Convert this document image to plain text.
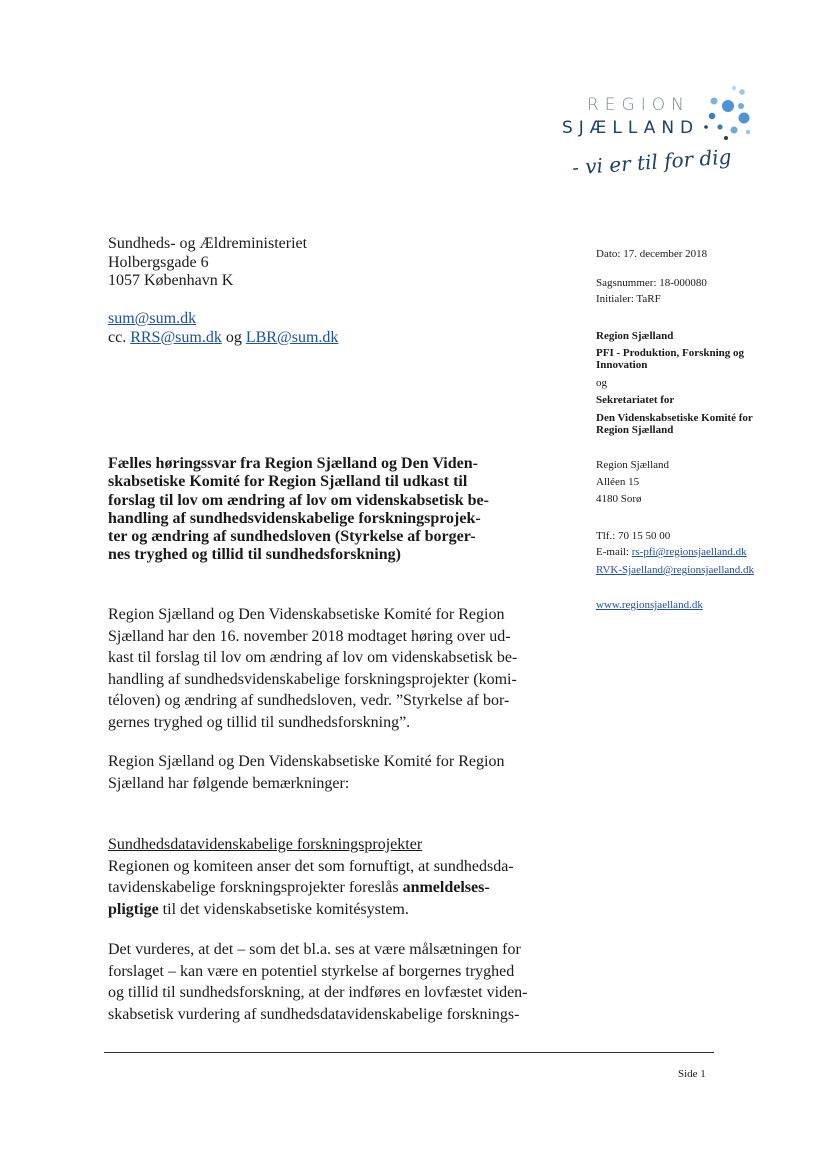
REGION
SJÆLLAND
- vi er til for dig
Sundheds- og Ældreministeriet
Holbergsgade 6
1057 København K
sum@sum.dk
cc. RRS@sum.dk og LBR@sum.dk
Dato: 17. december 2018
Sagsnummer: 18-000080
Initialer: TaRF
Region Sjælland
PFI - Produktion, Forskning og
Innovation
og
Sekretariatet for
Den Videnskabsetiske Komité for
Region Sjælland
Region Sjælland
Alléen 15
4180 Sorø
Tlf.: 70 15 50 00
E-mail: rs-pfi@regionsjaelland.dk
RVK-Sjaelland@regionsjaelland.dk
www.regionsjaelland.dk
Fælles høringssvar fra Region Sjælland og Den Viden-
skabsetiske Komité for Region Sjælland til udkast til
forslag til lov om ændring af lov om videnskabsetisk be-
handling af sundhedsvidenskabelige forskningsprojek-
ter og ændring af sundhedsloven (Styrkelse af borger-
nes tryghed og tillid til sundhedsforskning)
Region Sjælland og Den Videnskabsetiske Komité for Region
Sjælland har den 16. november 2018 modtaget høring over ud-
kast til forslag til lov om ændring af lov om videnskabsetisk be-
handling af sundhedsvidenskabelige forskningsprojekter (komi-
téloven) og ændring af sundhedsloven, vedr. ”Styrkelse af bor-
gernes tryghed og tillid til sundhedsforskning”.
Region Sjælland og Den Videnskabsetiske Komité for Region
Sjælland har følgende bemærkninger:
Sundhedsdatavidenskabelige forskningsprojekter
Regionen og komiteen anser det som fornuftigt, at sundhedsda-
tavidenskabelige forskningsprojekter foreslås anmeldelses-
pligtige til det videnskabsetiske komitésystem.
Det vurderes, at det – som det bl.a. ses at være målsætningen for
forslaget – kan være en potentiel styrkelse af borgernes tryghed
og tillid til sundhedsforskning, at der indføres en lovfæstet viden-
skabsetisk vurdering af sundhedsdatavidenskabelige forsknings-
Side 1
